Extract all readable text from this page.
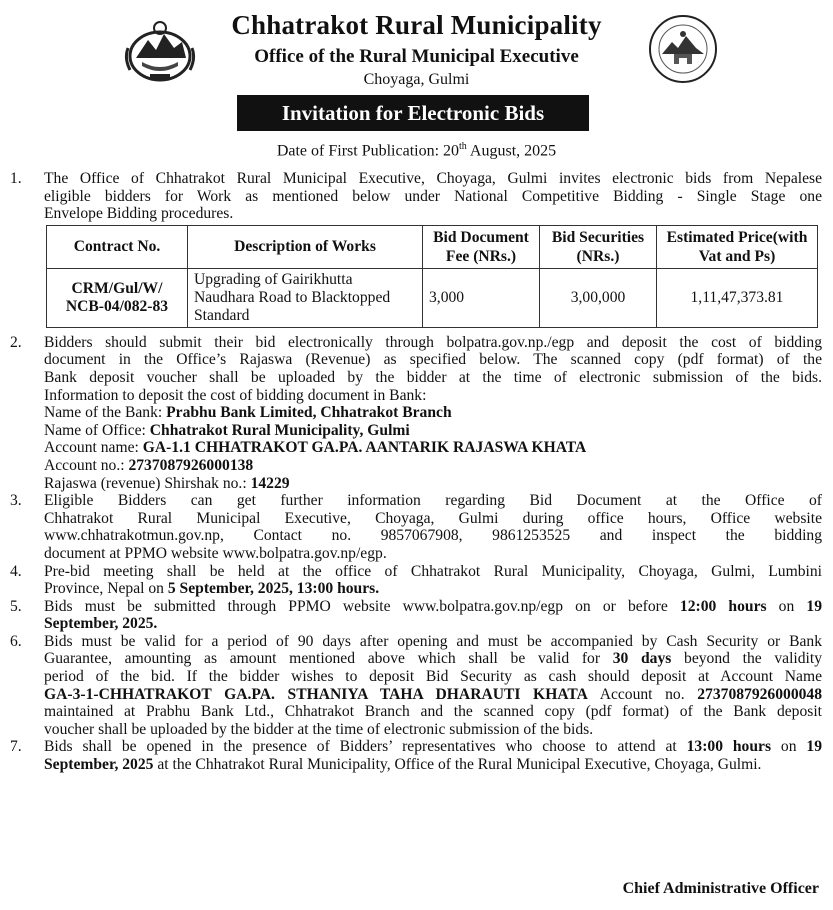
Chhatrakot Rural Municipality
Office of the Rural Municipal Executive
Choyaga, Gulmi
Invitation for Electronic Bids
Date of First Publication: 20th August, 2025
1. The Office of Chhatrakot Rural Municipal Executive, Choyaga, Gulmi invites electronic bids from Nepalese
eligible bidders for Work as mentioned below under National Competitive Bidding - Single Stage one
Envelope Bidding procedures.
Contract No.	Description of Works	Bid Document Fee (NRs.)	Bid Securities (NRs.)	Estimated Price(with Vat and Ps)
CRM/Gul/W/ NCB-04/082-83	Upgrading of Gairikhutta Naudhara Road to Blacktopped Standard	3,000	3,00,000	1,11,47,373.81
2. Bidders should submit their bid electronically through bolpatra.gov.np./egp and deposit the cost of bidding
document in the Office’s Rajaswa (Revenue) as specified below. The scanned copy (pdf format) of the
Bank deposit voucher shall be uploaded by the bidder at the time of electronic submission of the bids.
Information to deposit the cost of bidding document in Bank:
Name of the Bank: Prabhu Bank Limited, Chhatrakot Branch
Name of Office: Chhatrakot Rural Municipality, Gulmi
Account name: GA-1.1 CHHATRAKOT GA.PA. AANTARIK RAJASWA KHATA
Account no.: 2737087926000138
Rajaswa (revenue) Shirshak no.: 14229
3. Eligible Bidders can get further information regarding Bid Document at the Office of
Chhatrakot Rural Municipal Executive, Choyaga, Gulmi during office hours, Office website
www.chhatrakotmun.gov.np, Contact no. 9857067908, 9861253525 and inspect the bidding
document at PPMO website www.bolpatra.gov.np/egp.
4. Pre-bid meeting shall be held at the office of Chhatrakot Rural Municipality, Choyaga, Gulmi, Lumbini
Province, Nepal on 5 September, 2025, 13:00 hours.
5. Bids must be submitted through PPMO website www.bolpatra.gov.np/egp on or before 12:00 hours on 19
September, 2025.
6. Bids must be valid for a period of 90 days after opening and must be accompanied by Cash Security or Bank
Guarantee, amounting as amount mentioned above which shall be valid for 30 days beyond the validity
period of the bid. If the bidder wishes to deposit Bid Security as cash should deposit at Account Name
GA-3-1-CHHATRAKOT GA.PA. STHANIYA TAHA DHARAUTI KHATA Account no. 2737087926000048
maintained at Prabhu Bank Ltd., Chhatrakot Branch and the scanned copy (pdf format) of the Bank deposit
voucher shall be uploaded by the bidder at the time of electronic submission of the bids.
7. Bids shall be opened in the presence of Bidders’ representatives who choose to attend at 13:00 hours on 19
September, 2025 at the Chhatrakot Rural Municipality, Office of the Rural Municipal Executive, Choyaga, Gulmi.
Chief Administrative Officer
